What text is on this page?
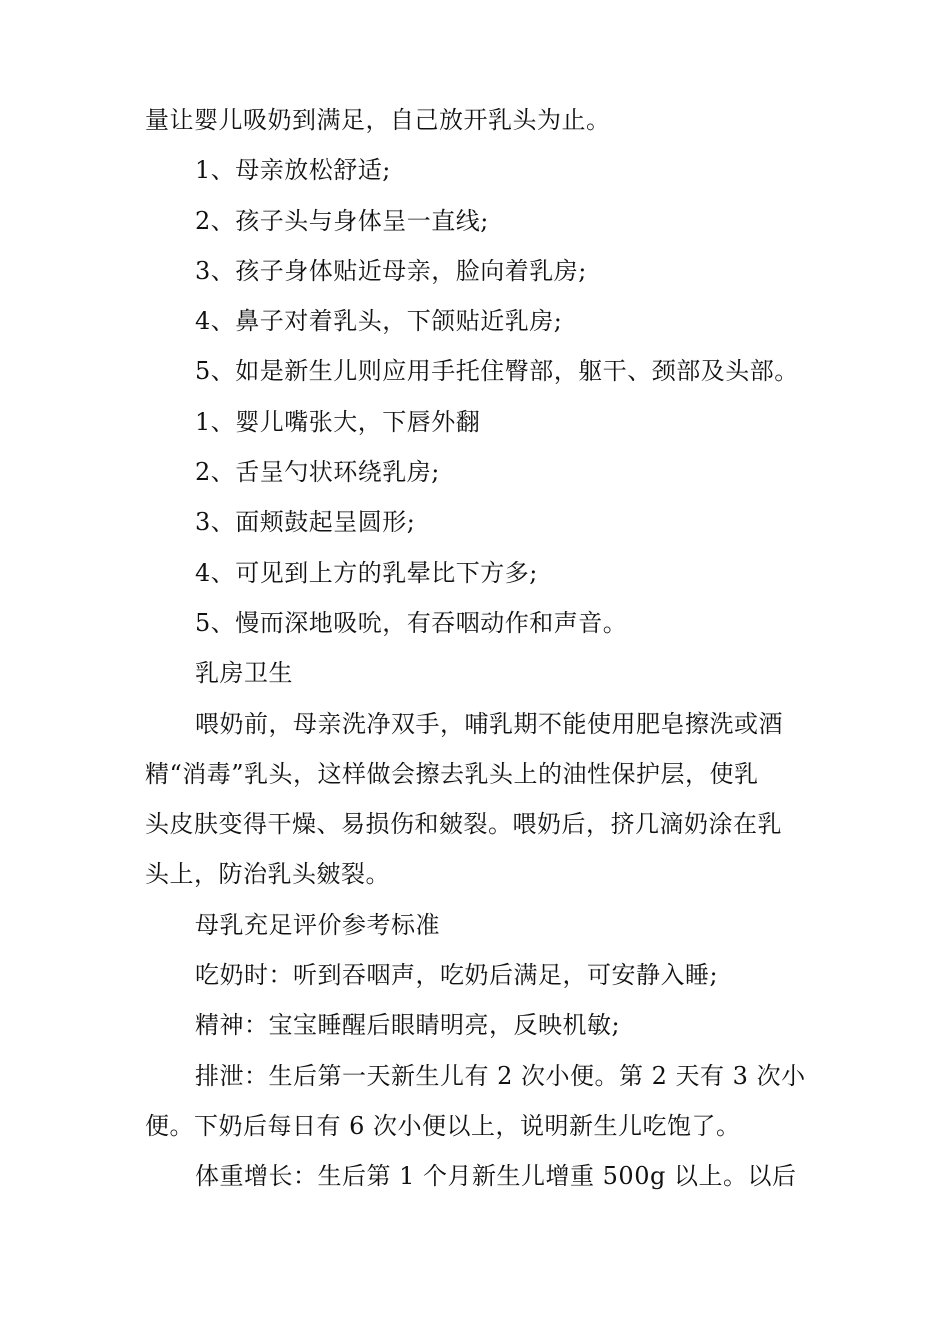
量让婴儿吸奶到满足，自己放开乳头为止。
1、母亲放松舒适;
2、孩子头与身体呈一直线;
3、孩子身体贴近母亲，脸向着乳房;
4、鼻子对着乳头，下颌贴近乳房;
5、如是新生儿则应用手托住臀部，躯干、颈部及头部。
1、婴儿嘴张大，下唇外翻
2、舌呈勺状环绕乳房;
3、面颊鼓起呈圆形;
4、可见到上方的乳晕比下方多;
5、慢而深地吸吮，有吞咽动作和声音。
乳房卫生
喂奶前，母亲洗净双手，哺乳期不能使用肥皂擦洗或酒
精“消毒”乳头，这样做会擦去乳头上的油性保护层，使乳
头皮肤变得干燥、易损伤和皴裂。喂奶后，挤几滴奶涂在乳
头上，防治乳头皴裂。
母乳充足评价参考标准
吃奶时：听到吞咽声，吃奶后满足，可安静入睡;
精神：宝宝睡醒后眼睛明亮，反映机敏;
排泄：生后第一天新生儿有 2 次小便。第 2 天有 3 次小
便。下奶后每日有 6 次小便以上，说明新生儿吃饱了。
体重增长：生后第 1 个月新生儿增重 500g 以上。以后
